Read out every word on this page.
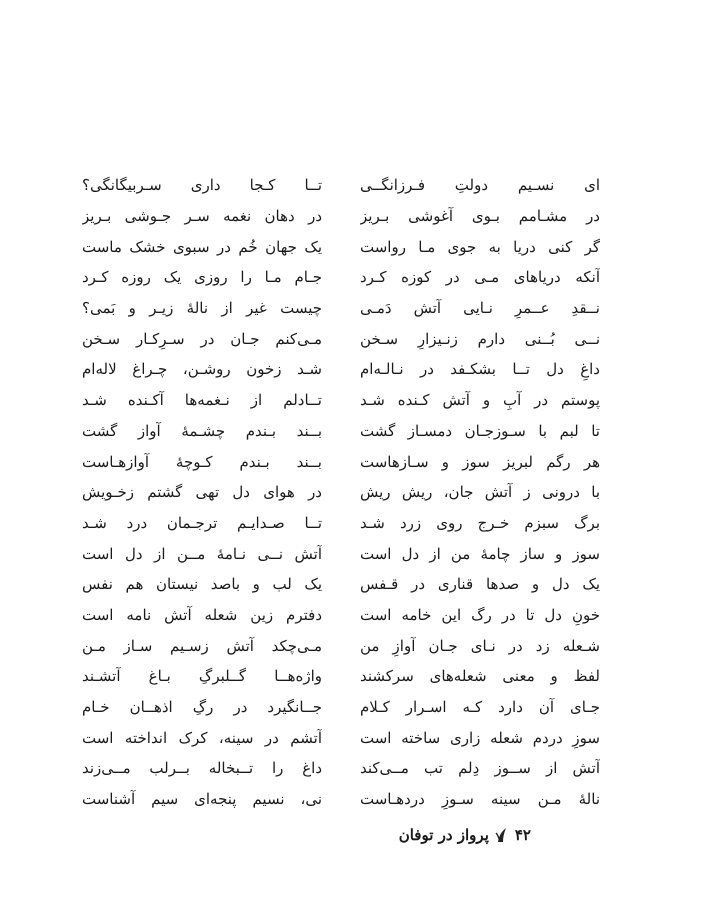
ای نسـیم دولتِ فـرزانگــی
تــا کـجا داری سـربیگانگی؟
در مشـامم بـوی آغوشی بـریز
در دهان نغمه سـر جـوشی بـریز
گر کنی دریا به جوی مـا رواست
یک جهان خُم در سبوی خشک ماست
آنکه دریاهای مـی در کوزه کـرد
جـام مـا را روزی یک روزه کـرد
نــقدِ عــمرِ نـایی آتش دَمـی
چیست غیر از نالۀ زیـر و بَمی؟
نــی بُــنی دارم زنـیزارِ سـخن
مـی‌کنم جـان در سـرِکـار سـخن
داغِ دل تــا بشکـفد در نـالـه‌ام
شـد زخون روشـن، چـراغ لاله‌ام
پوستم در آبِ و آتش کـنده شـد
تــادلم از نـغمه‌ها آکـنده شـد
تا لبم با سـوزجـان دمسـاز گشت
بــند بـندم چشـمۀ آواز گشت
هر رگم لبریز سوز و سـازهاست
بــند بـندم کـوچۀ آوازهـاست
با درونی ز آتش جان، ریش ریش
در هوای دل تهی گشتم زخـویش
برگ سبزم خـرج روی زرد شـد
تــا صـدایـم ترجـمان درد شـد
سوز و ساز چامۀ من از دل است
آتش نــی نـامۀ مــن از دل است
یک دل و صدها قناری در قـفس
یک لب و باصد نیستان هم نفس
خونِ دل تا در رگ این خامه است
دفترم زین شعله آتش نامه است
شـعله زد در نـای جـان آوازِ من
مـی‌چکد آتش زسـیم سـاز مـن
لفظ و معنی شعله‌های سرکشند
واژه‌هــا گــلبرگِ بـاغ آتشـند
جـای آن دارد کـه اسـرار کـلام
جــانگیرد در رگِ اذهــان خـام
سوزِ دردم شعله زاری ساخته است
آتشم در سینه، کرک انداخته است
آتش از ســوز دِلم تب مــی‌کند
داغ را تــبخاله بــرلب مــی‌زند
نالۀ مـن سینه سـوزِ دردهـاست
نی، نسیم پنجه‌ای سیم آشناست
۴۲
پرواز در توفان
